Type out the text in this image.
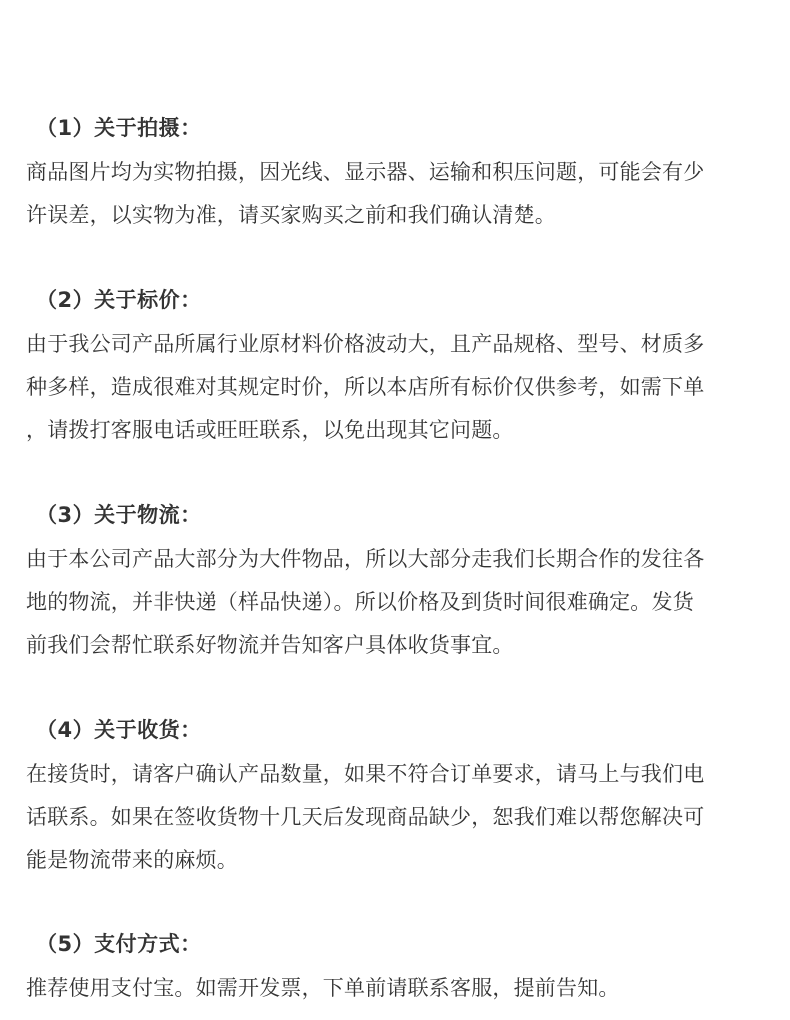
（1）关于拍摄：
商品图片均为实物拍摄，因光线、显示器、运输和积压问题，可能会有少
许误差，以实物为准，请买家购买之前和我们确认清楚。
（2）关于标价：
由于我公司产品所属行业原材料价格波动大，且产品规格、型号、材质多
种多样，造成很难对其规定时价，所以本店所有标价仅供参考，如需下单
，请拨打客服电话或旺旺联系，以免出现其它问题。
（3）关于物流：
由于本公司产品大部分为大件物品，所以大部分走我们长期合作的发往各
地的物流，并非快递（样品快递）。所以价格及到货时间很难确定。发货
前我们会帮忙联系好物流并告知客户具体收货事宜。
（4）关于收货：
在接货时，请客户确认产品数量，如果不符合订单要求，请马上与我们电
话联系。如果在签收货物十几天后发现商品缺少，恕我们难以帮您解决可
能是物流带来的麻烦。
（5）支付方式：
推荐使用支付宝。如需开发票，下单前请联系客服，提前告知。
